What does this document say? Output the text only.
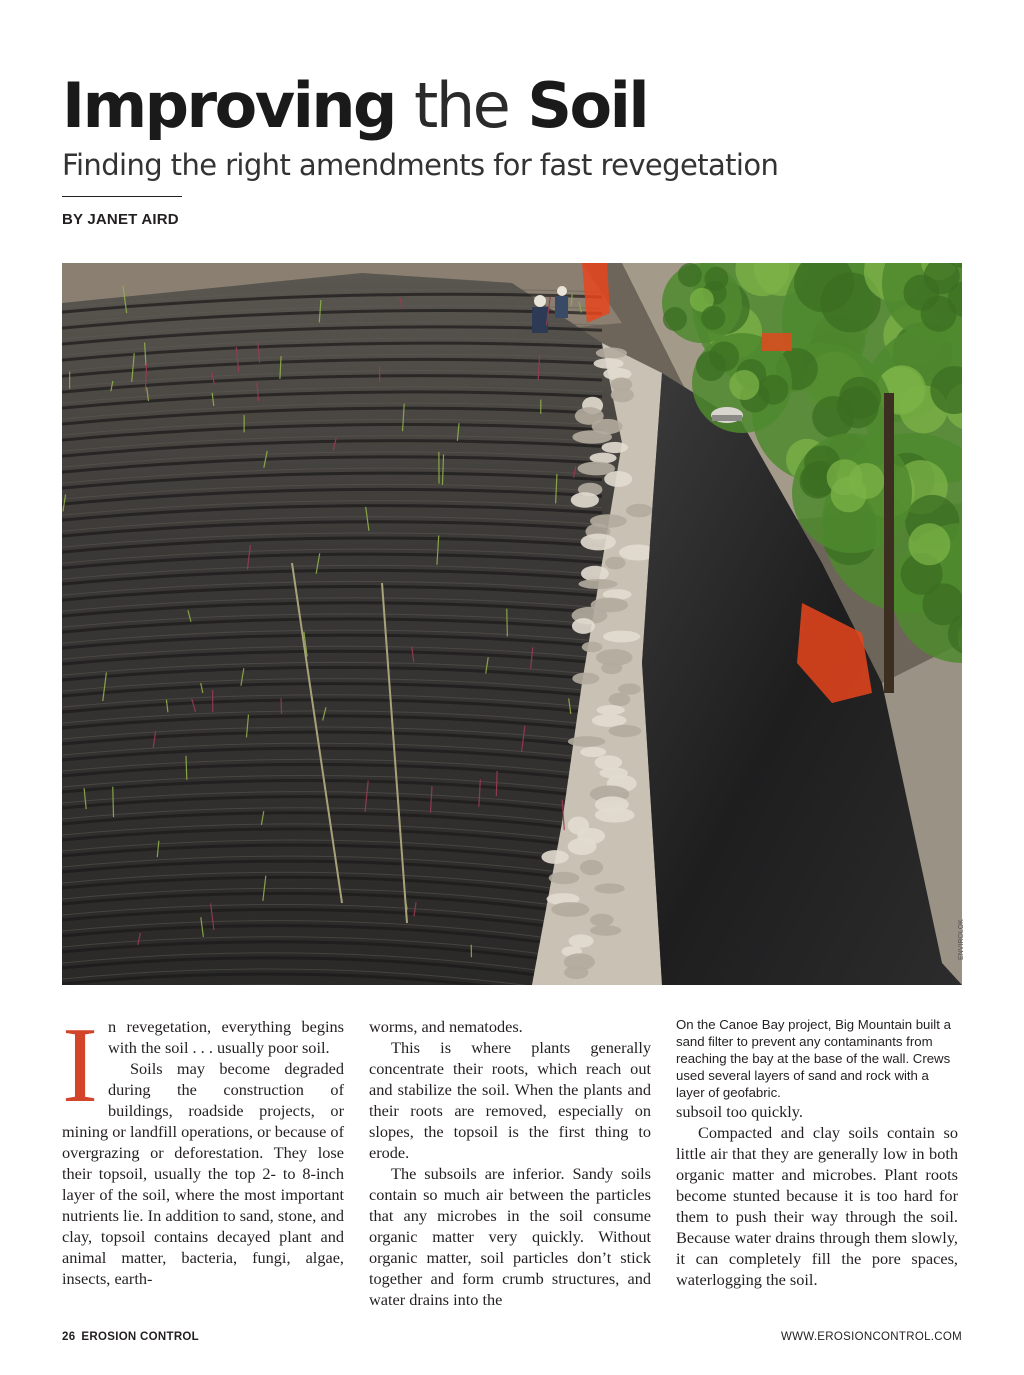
Improving the Soil
Finding the right amendments for fast revegetation
BY JANET AIRD
ENVIROLOK
I n revegetation, everything begins with the soil . . . usually poor soil.

Soils may become degraded during the construction of buildings, roadside projects, or mining or landfill operations, or because of overgrazing or deforestation. They lose their topsoil, usually the top 2- to 8-inch layer of the soil, where the most important nutrients lie. In addition to sand, stone, and clay, topsoil contains decayed plant and animal matter, bacteria, fungi, algae, insects, earth-

worms, and nematodes.

This is where plants generally concentrate their roots, which reach out and stabilize the soil. When the plants and their roots are removed, especially on slopes, the topsoil is the first thing to erode.

The subsoils are inferior. Sandy soils contain so much air between the particles that any microbes in the soil consume organic matter very quickly. Without organic matter, soil particles don’t stick together and form crumb structures, and water drains into the

On the Canoe Bay project, Big Mountain built a sand filter to prevent any contaminants from reaching the bay at the base of the wall. Crews used several layers of sand and rock with a layer of geofabric.

subsoil too quickly.

Compacted and clay soils contain so little air that they are generally low in both organic matter and microbes. Plant roots become stunted because it is too hard for them to push their way through the soil. Because water drains through them slowly, it can completely fill the pore spaces, waterlogging the soil.

26 EROSION CONTROL	WWW.EROSIONCONTROL.COM
